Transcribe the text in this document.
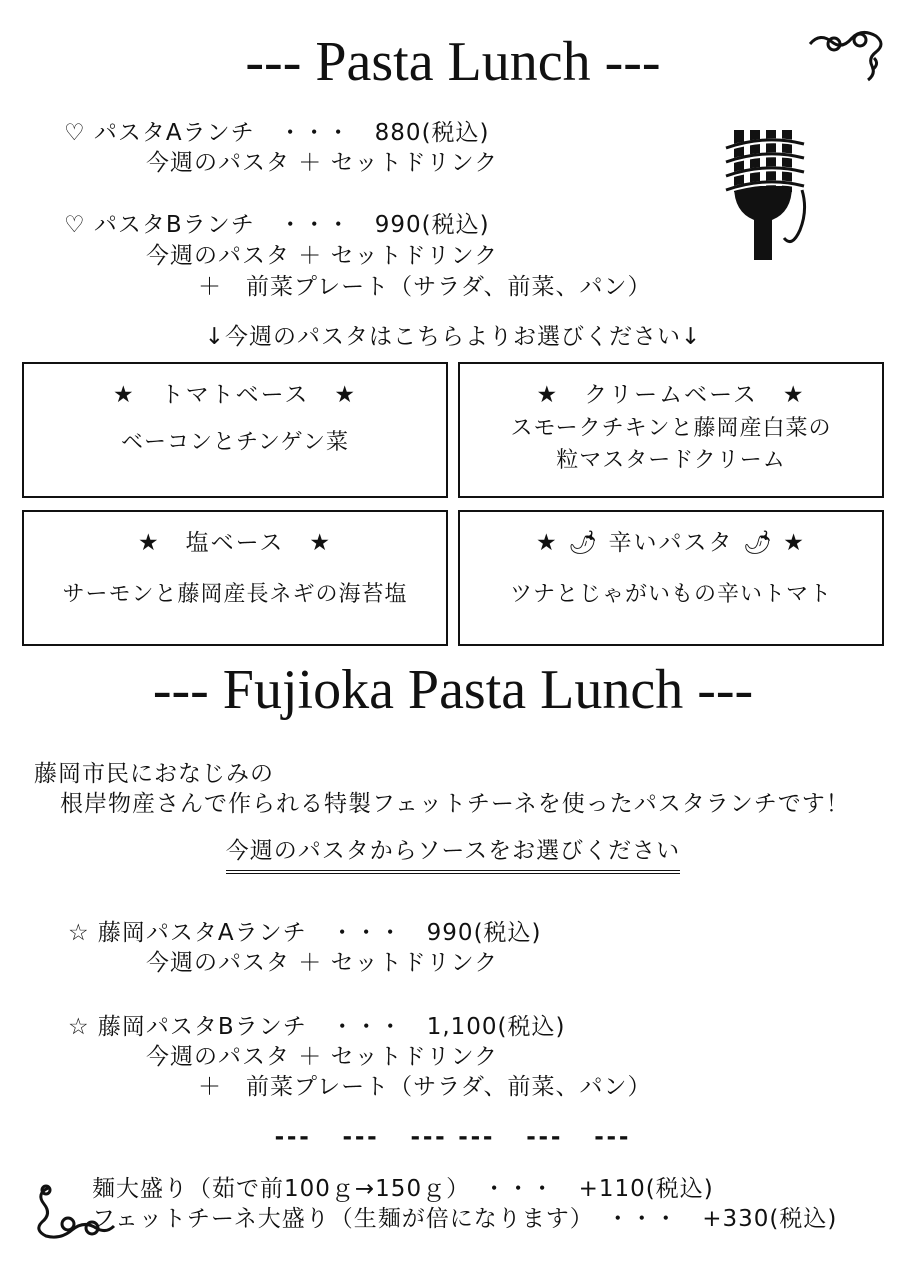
--- Pasta Lunch ---
♡ パスタAランチ　・・・　880(税込)
今週のパスタ ＋ セットドリンク
♡ パスタBランチ　・・・　990(税込)
今週のパスタ ＋ セットドリンク
＋　前菜プレート（サラダ、前菜、パン）
↓今週のパスタはこちらよりお選びください↓
★　トマトベース　★
ベーコンとチンゲン菜
★　クリームベース　★
スモークチキンと藤岡産白菜の
粒マスタードクリーム
★　塩ベース　★
サーモンと藤岡産長ネギの海苔塩
★ 🌶 辛いパスタ 🌶 ★
ツナとじゃがいもの辛いトマト
--- Fujioka Pasta Lunch ---
藤岡市民におなじみの
根岸物産さんで作られる特製フェットチーネを使ったパスタランチです！
今週のパスタからソースをお選びください
☆ 藤岡パスタAランチ　・・・　990(税込)
今週のパスタ ＋ セットドリンク
☆ 藤岡パスタBランチ　・・・　1,100(税込)
今週のパスタ ＋ セットドリンク
＋　前菜プレート（サラダ、前菜、パン）
---　---　--- ---　---　---
麺大盛り（茹で前100ｇ→150ｇ）　・・・　+110(税込)
フェットチーネ大盛り（生麺が倍になります）　・・・　+330(税込)
